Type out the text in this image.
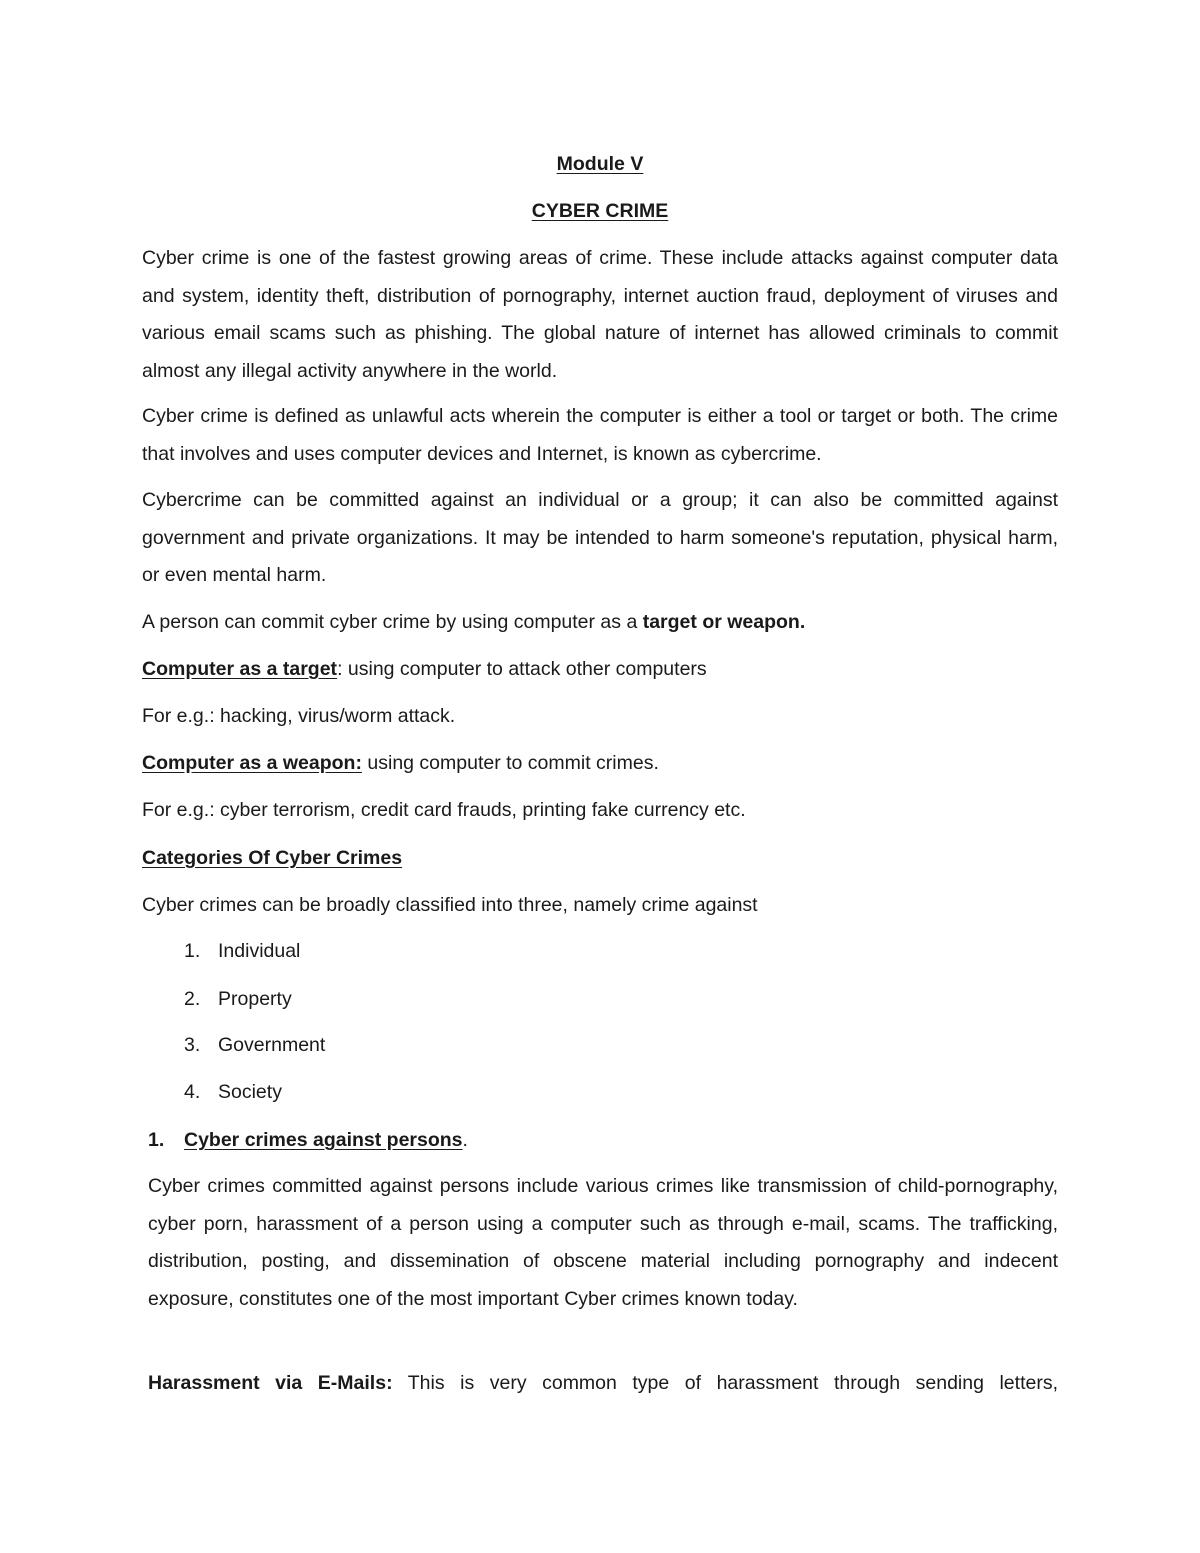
Module V
CYBER CRIME

Cyber crime is one of the fastest growing areas of crime. These include attacks against computer data and system, identity theft, distribution of pornography, internet auction fraud, deployment of viruses and various email scams such as phishing. The global nature of internet has allowed criminals to commit almost any illegal activity anywhere in the world.

Cyber crime is defined as unlawful acts wherein the computer is either a tool or target or both. The crime that involves and uses computer devices and Internet, is known as cybercrime.

Cybercrime can be committed against an individual or a group; it can also be committed against government and private organizations. It may be intended to harm someone's reputation, physical harm, or even mental harm.

A person can commit cyber crime by using computer as a target or weapon.

Computer as a target: using computer to attack other computers

For e.g.: hacking, virus/worm attack.

Computer as a weapon: using computer to commit crimes.

For e.g.: cyber terrorism, credit card frauds, printing fake currency etc.

Categories Of Cyber Crimes

Cyber crimes can be broadly classified into three, namely crime against

1. Individual
2. Property
3. Government
4. Society
1. Cyber crimes against persons.

Cyber crimes committed against persons include various crimes like transmission of child-pornography, cyber porn, harassment of a person using a computer such as through e-mail, scams. The trafficking, distribution, posting, and dissemination of obscene material including pornography and indecent exposure, constitutes one of the most important Cyber crimes known today.

Harassment via E-Mails: This is very common type of harassment through sending letters,
